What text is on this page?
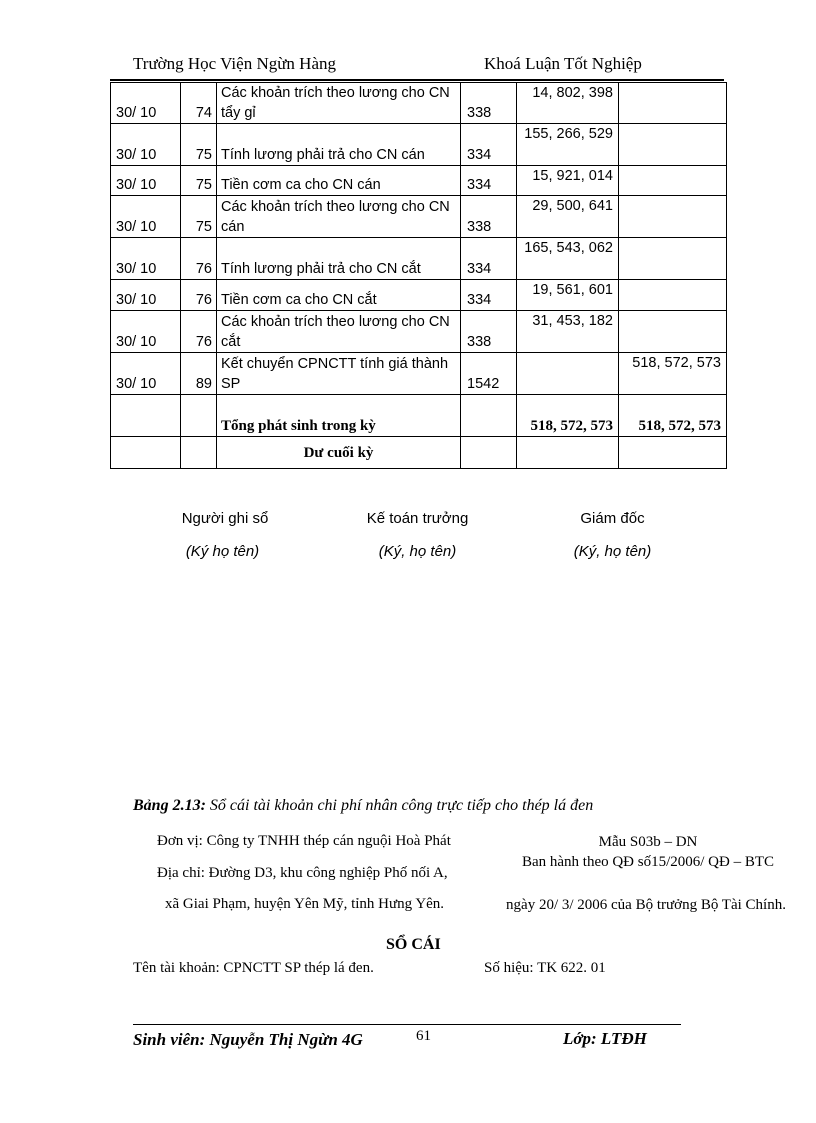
Trường Học Viện Ngừn Hàng	Khoá Luận Tốt Nghiệp
30/ 10	74	Các khoản trích theo lương cho CN tẩy gỉ	338	14, 802, 398	
30/ 10	75	Tính lương phải trả cho CN cán	334	155, 266, 529	
30/ 10	75	Tiền cơm ca cho CN cán	334	15, 921, 014	
30/ 10	75	Các khoản trích theo lương cho CN cán	338	29, 500, 641	
30/ 10	76	Tính lương phải trả cho CN cắt	334	165, 543, 062	
30/ 10	76	Tiền cơm ca cho CN cắt	334	19, 561, 601	
30/ 10	76	Các khoản trích theo lương cho CN cắt	338	31, 453, 182	
30/ 10	89	Kết chuyển CPNCTT tính giá thành SP	1542		518, 572, 573
		Tổng phát sinh trong kỳ		518, 572, 573	518, 572, 573
		Dư cuối kỳ			
Người ghi sổ	Kế toán trưởng	Giám đốc
(Ký họ tên)	(Ký, họ tên)	(Ký, họ tên)
Bảng 2.13: Sổ cái tài khoản chi phí nhân công trực tiếp cho thép lá đen
Đơn vị: Công ty TNHH thép cán nguội Hoà Phát
Địa chỉ: Đường D3, khu công nghiệp Phố nối A,
xã Giai Phạm, huyện Yên Mỹ, tỉnh Hưng Yên.
Mẫu S03b – DN
Ban hành theo QĐ số15/2006/ QĐ – BTC
ngày 20/ 3/ 2006 của Bộ trưởng Bộ Tài Chính.
SỔ CÁI
Tên tài khoản: CPNCTT SP thép lá đen.	Số hiệu: TK 622. 01
Sinh viên: Nguyễn Thị Ngừn 4G	61	Lớp: LTĐH
